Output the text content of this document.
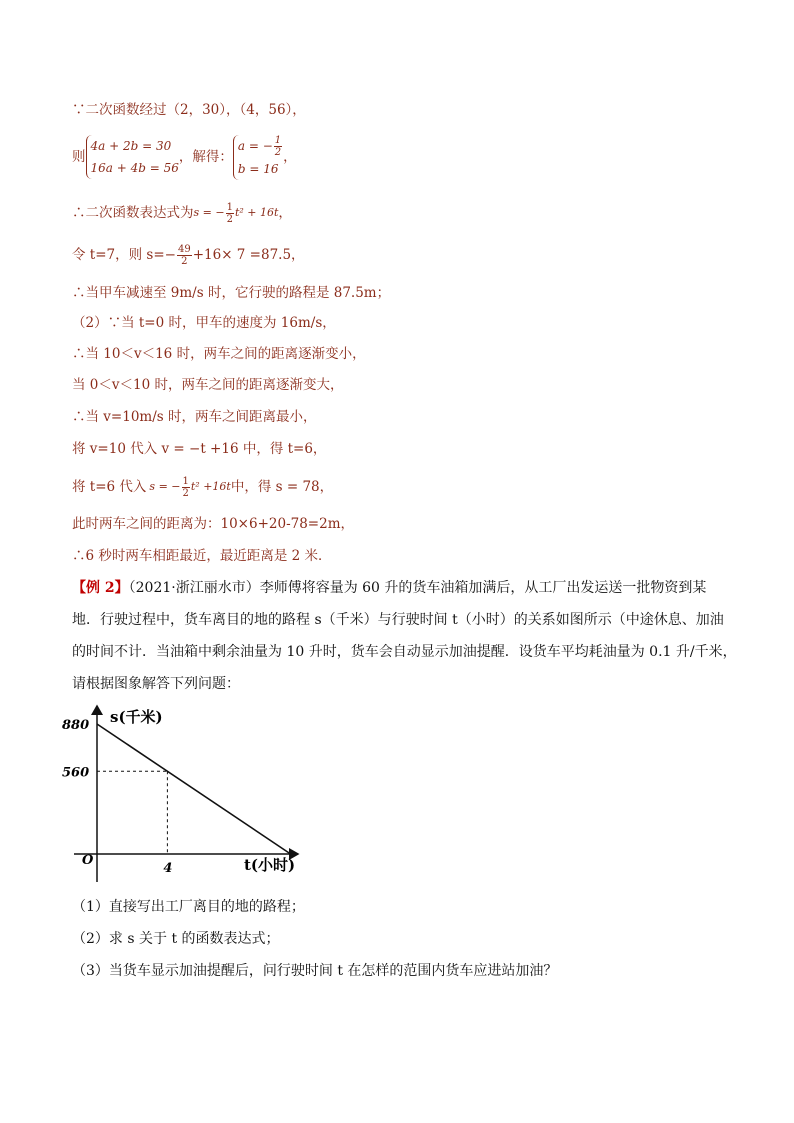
∵二次函数经过（2，30），（4，56），
则
4a + 2b = 30
16a + 4b = 56
，解得：
a = − $\frac{1}{2}$
b = 16
，
∴二次函数表达式为 s = − $\frac{1}{2} t^2 + 16t$ ，
令 t=7，则 $s=- \frac{49}{2} +16\times 7 =87.5$，
∴当甲车减速至 9m/s 时，它行驶的路程是 87.5m；
（2）∵当 t=0 时，甲车的速度为 16m/s，
∴当 10＜v＜16 时，两车之间的距离逐渐变小，
当 0＜v＜10 时，两车之间的距离逐渐变大，
∴当 v=10m/s 时，两车之间距离最小，
将 v=10 代入 v = −t +16 中，得 t=6，
将 t=6 代入 s = − $\frac{1}{2} t^2 +16t$ 中，得 s = 78，
此时两车之间的距离为：10×6+20-78=2m，
∴6 秒时两车相距最近，最近距离是 2 米．
【例 2】（2021·浙江丽水市）李师傅将容量为 60 升的货车油箱加满后，从工厂出发运送一批物资到某
地．行驶过程中，货车离目的地的路程 s（千米）与行驶时间 t（小时）的关系如图所示（中途休息、加油
的时间不计．当油箱中剩余油量为 10 升时，货车会自动显示加油提醒．设货车平均耗油量为 0.1 升/千米，
请根据图象解答下列问题：
s(千米)
t(小时)
O
880
560
4
（1）直接写出工厂离目的地的路程；
（2）求 s 关于 t 的函数表达式；
（3）当货车显示加油提醒后，问行驶时间 t 在怎样的范围内货车应进站加油？
